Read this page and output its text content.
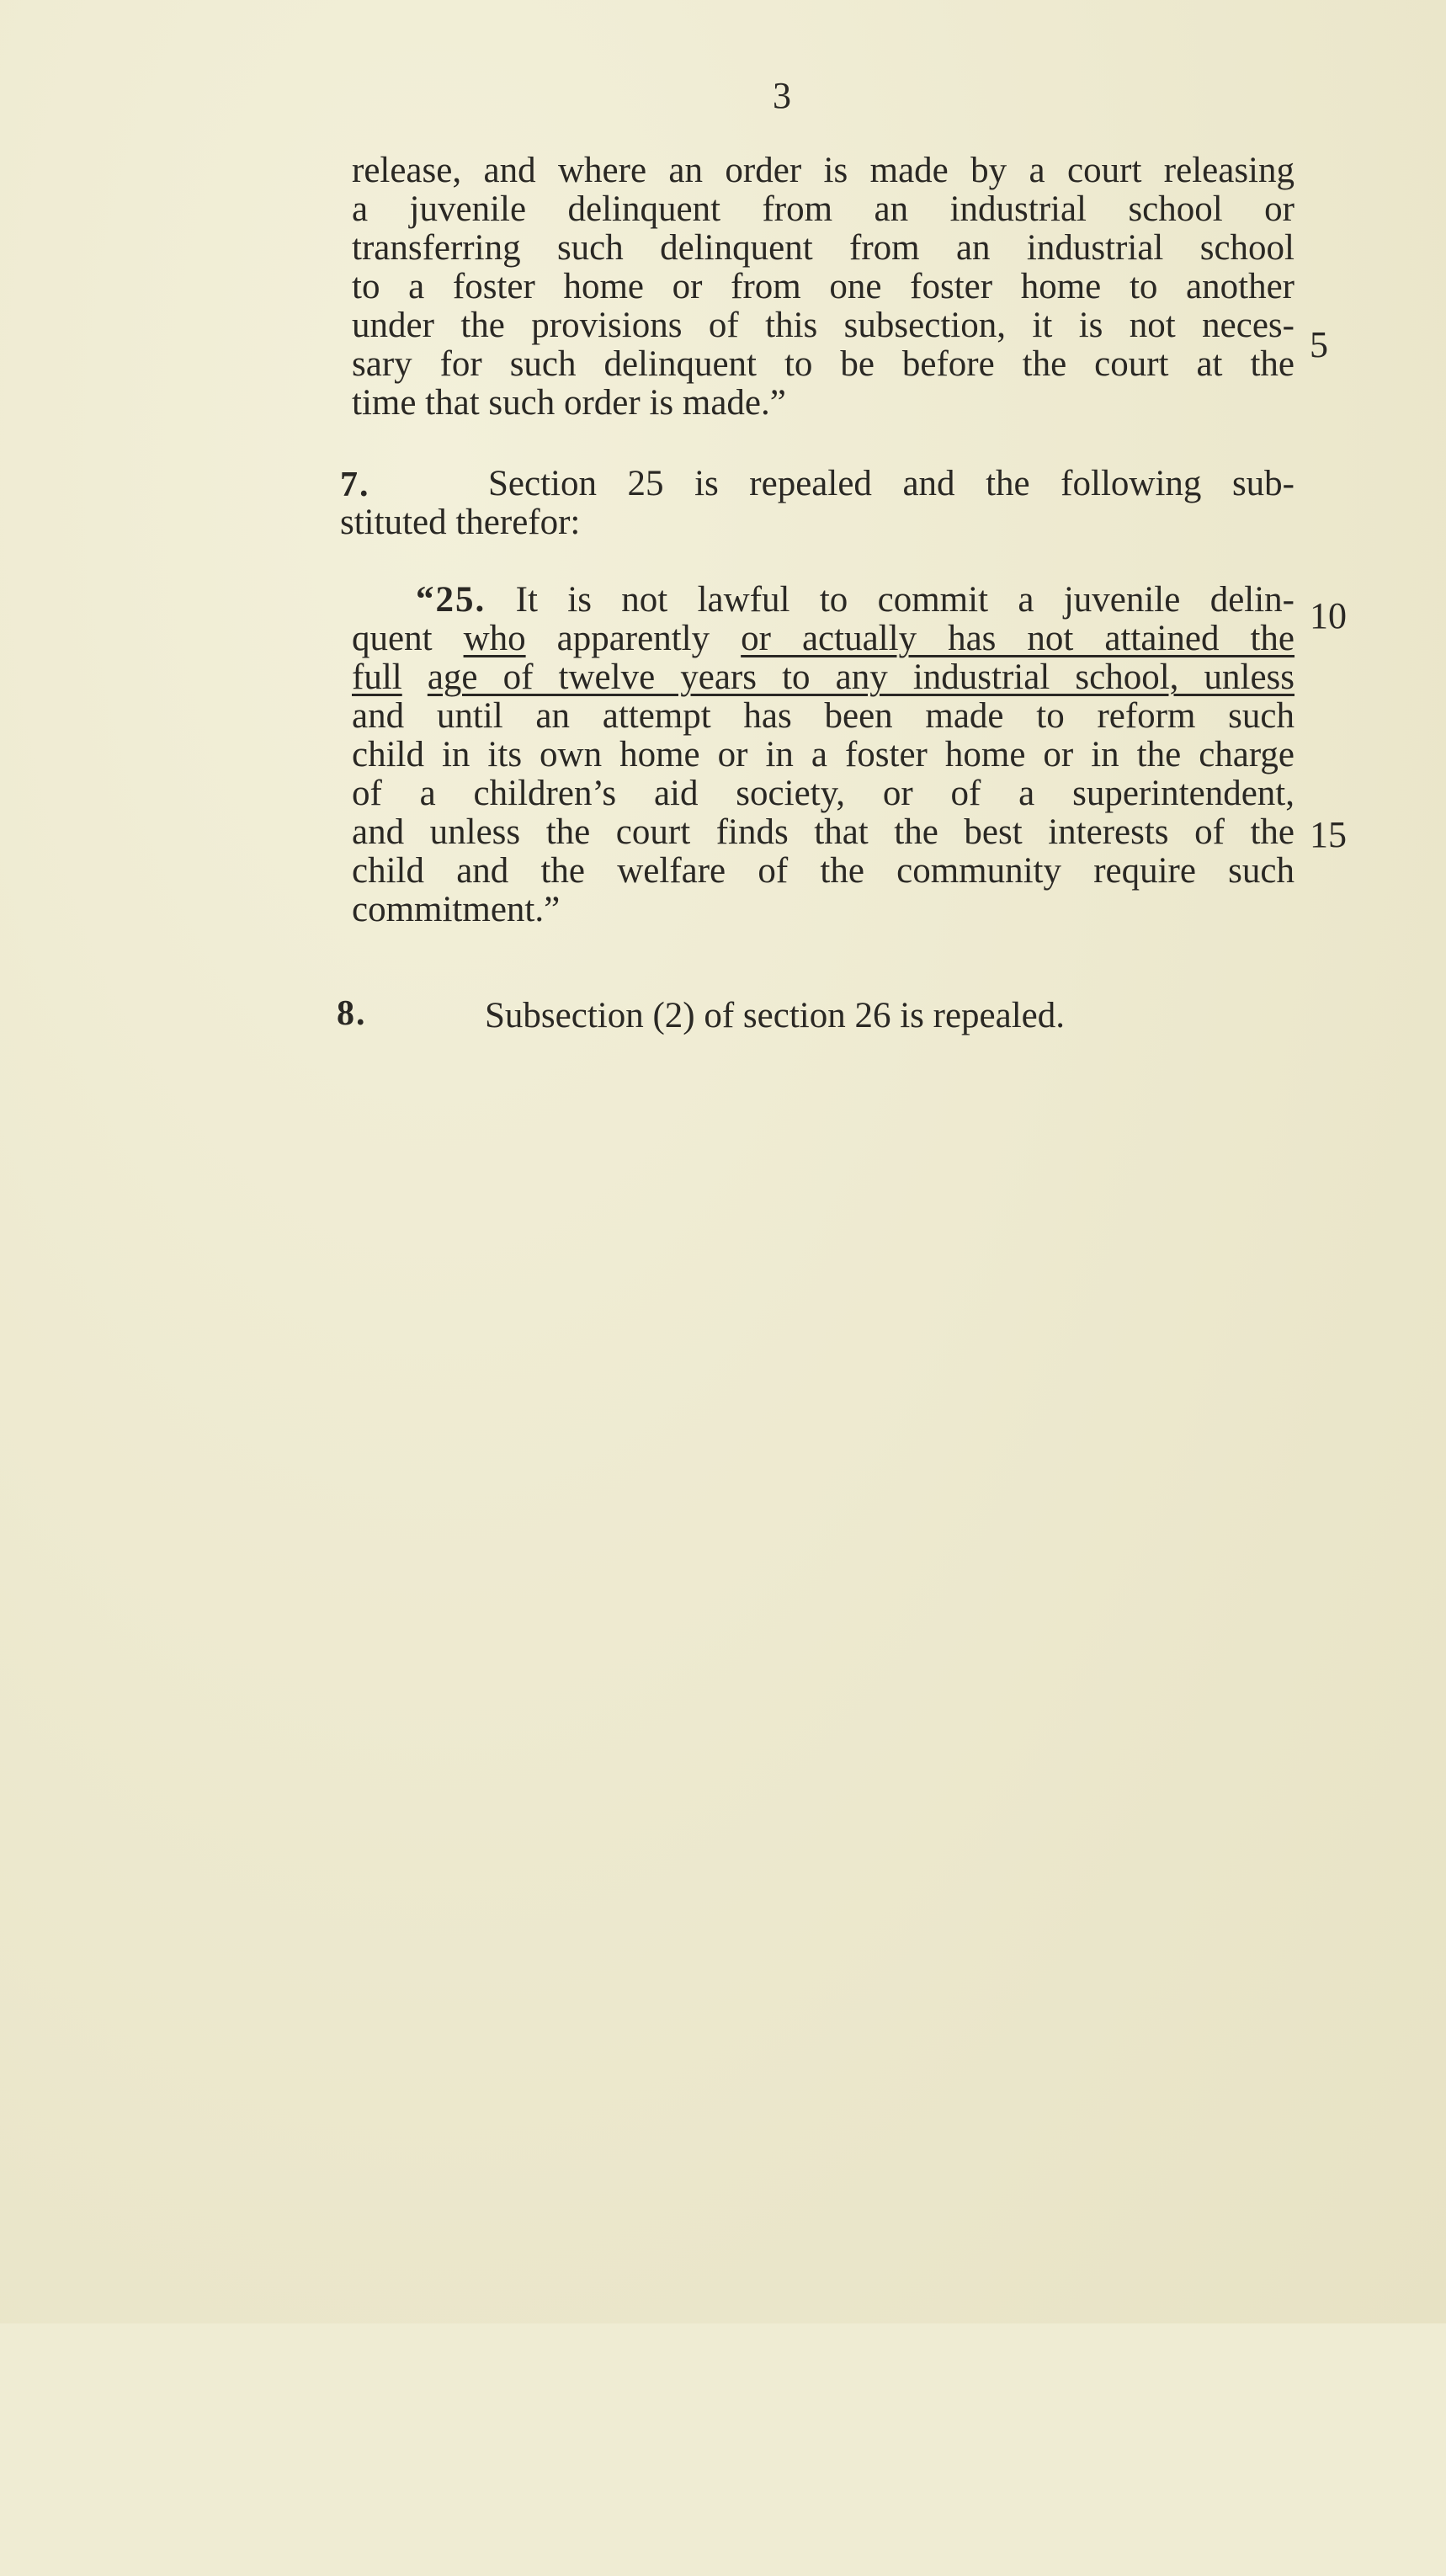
3
release, and where an order is made by a court releasing
a juvenile delinquent from an industrial school or
transferring such delinquent from an industrial school
to a foster home or from one foster home to another
under the provisions of this subsection, it is not neces-
sary for such delinquent to be before the court at the
time that such order is made.”
5
7.	Section 25 is repealed and the following sub-
stituted therefor:
“25. It is not lawful to commit a juvenile delin-
quent who apparently or actually has not attained the
full age of twelve years to any industrial school, unless
and until an attempt has been made to reform such
child in its own home or in a foster home or in the charge
of a children’s aid society, or of a superintendent,
and unless the court finds that the best interests of the
child and the welfare of the community require such
commitment.”
10
15
8.	Subsection (2) of section 26 is repealed.
